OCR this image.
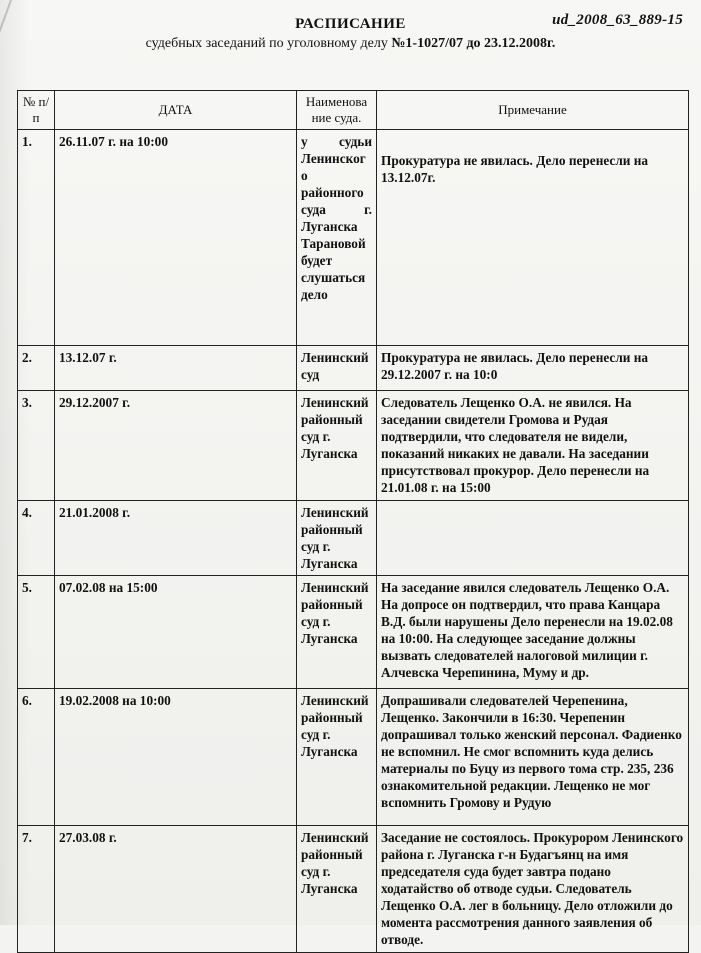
ud_2008_63_889-15
РАСПИСАНИЕ
судебных заседаний по уголовному делу №1-1027/07 до 23.12.2008г.
№ п/п	ДАТА	Наименова ние суда.	Примечание
1.	26.11.07 г. на 10:00	у судьи Ленинског о районного суда г. Луганска Тарановой будет слушаться дело	Прокуратура не явилась. Дело перенесли на 13.12.07г.
2.	13.12.07 г.	Ленинский суд	Прокуратура не явилась. Дело перенесли на 29.12.2007 г. на 10:0
3.	29.12.2007 г.	Ленинский районный суд г. Луганска	Следователь Лещенко О.А. не явился. На заседании свидетели Громова и Рудая подтвердили, что следователя не видели, показаний никаких не давали. На заседании присутствовал прокурор. Дело перенесли на 21.01.08 г. на 15:00
4.	21.01.2008 г.	Ленинский районный суд г. Луганска	
5.	07.02.08 на 15:00	Ленинский районный суд г. Луганска	На заседание явился следователь Лещенко О.А. На допросе он подтвердил, что права Канцара В.Д. были нарушены Дело перенесли на 19.02.08 на 10:00. На следующее заседание должны вызвать следователей налоговой милиции г. Алчевска Черепинина, Муму и др.
6.	19.02.2008 на 10:00	Ленинский районный суд г. Луганска	Допрашивали следователей Черепенина, Лещенко. Закончили в 16:30. Черепенин допрашивал только женский персонал. Фадиенко не вспомнил. Не смог вспомнить куда делись материалы по Буцу из первого тома стр. 235, 236 ознакомительной редакции. Лещенко не мог вспомнить Громову и Рудую
7.	27.03.08 г.	Ленинский районный суд г. Луганска	Заседание не состоялось. Прокурором Ленинского района г. Луганска г-н Будагъянц на имя председателя суда будет завтра подано ходатайство об отводе судьи. Следователь Лещенко О.А. лег в больницу. Дело отложили до момента рассмотрения данного заявления об отводе.
